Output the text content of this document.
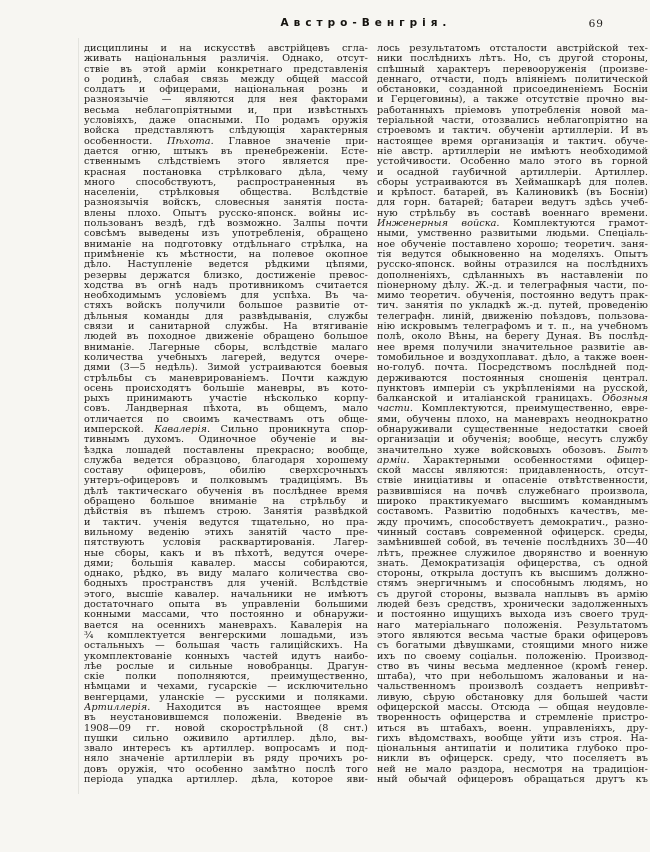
Австро-Венгрія.	69
дисциплины и на искусствѣ австрійцевъ сгла-
живать національныя различія. Однако, отсут-
ствіе въ этой арміи конкретнаго представленія
о родинѣ, слабая связь между общей массой
солдатъ и офицерами, національная рознь и
разноязычіе — являются для нея факторами
весьма неблагопріятными и, при извѣстныхъ
условіяхъ, даже опасными. По родамъ оружія
войска представляютъ слѣдующія характерныя
особенности. Пѣхота. Главное значеніе при-
дается огню, штыкъ въ пренебреженіи. Есте-
ственнымъ слѣдствіемъ этого является пре-
красная постановка стрѣлковаго дѣла, чему
много способствуютъ, распространенныя въ
населеніи, стрѣлковыя общества. Вслѣдствіе
разноязычія войскъ, словесныя занятія поста-
влены плохо. Опытъ русско-японск. войны ис-
пользованъ вездѣ, гдѣ возможно. Залпы почти
совсѣмъ выведены изъ употребленія, обращено
вниманіе на подготовку отдѣльнаго стрѣлка, на
примѣненіе къ мѣстности, на полевое окопное
дѣло. Наступленіе ведется рѣдкими цѣпями,
резервы держатся близко, достиженіе превос-
ходства въ огнѣ надъ противникомъ считается
необходимымъ условіемъ для успѣха. Въ ча-
стяхъ войскъ получили большое развитіе от-
дѣльныя команды для развѣдыванія, службы
связи и санитарной службы. На втягиваніе
людей въ походное движеніе обращено большое
вниманіе. Лагерные сборы, вслѣдствіе малаго
количества учебныхъ лагерей, ведутся очере-
дями (3—5 недѣль). Зимой устраиваются боевыя
стрѣльбы съ маневрированіемъ. Почти каждую
осень происходятъ большіе маневры, въ кото-
рыхъ принимаютъ участіе нѣсколько корпу-
совъ. Ландверная пѣхота, въ общемъ, мало
отличается по своимъ качествамъ отъ обще-
имперской. Кавалерія. Сильно проникнута спор-
тивнымъ духомъ. Одиночное обученіе и вы-
ѣздка лошадей поставлены прекрасно; вообще,
служба ведется образцово, благодаря хорошему
составу офицеровъ, обилію сверхсрочныхъ
унтеръ-офицеровъ и полковымъ традиціямъ. Въ
дѣлѣ тактическаго обученія въ послѣднее время
обращено большое вниманіе на стрѣльбу и
дѣйствія въ пѣшемъ строю. Занятія развѣдкой
и тактич. ученія ведутся тщательно, но пра-
вильному веденію этихъ занятій часто пре-
пятствуютъ условія расквартированія. Лагер-
ные сборы, какъ и въ пѣхотѣ, ведутся очере-
дями; большія кавалер. массы собираются,
однако, рѣдко, въ виду малаго количества сво-
бодныхъ пространствъ для ученій. Вслѣдствіе
этого, высшіе кавалер. начальники не имѣютъ
достаточнаго опыта въ управленіи большими
конными массами, что постоянно и обнаружи-
вается на осеннихъ маневрахъ. Кавалерія на
¾ комплектуется венгерскими лошадьми, изъ
остальныхъ — большая часть галиційскихъ. На
укомплектованіе конныхъ частей идутъ наибо-
лѣе рослые и сильные новобранцы. Драгун-
скіе полки пополняются, преимущественно,
нѣмцами и чехами, гусарскіе — исключительно
венгерцами, уланскіе — русскими и поляками.
Артиллерія. Находится въ настоящее время
въ неустановившемся положеніи. Введеніе въ
1908—09 гг. новой скорострѣльной (8 снт.)
пушки сильно оживило артиллер. дѣло, вы-
звало интересъ къ артиллер. вопросамъ и под-
няло значеніе артиллеріи въ ряду прочихъ ро-
довъ оружія, что особенно замѣтно послѣ того
періода упадка артиллер. дѣла, которое яви-
лось результатомъ отсталости австрійской тех-
ники послѣднихъ лѣтъ. Но, съ другой стороны,
спѣшный характеръ перевооруженія (произве-
деннаго, отчасти, подъ вліяніемъ политической
обстановки, созданной присоединеніемъ Босніи
и Герцеговины), а также отсутствіе прочно вы-
работанныхъ пріемовъ употребленія новой ма-
теріальной части, отозвались неблагопріятно на
строевомъ и тактич. обученіи артиллеріи. И въ
настоящее время организація и тактич. обуче-
ніе австр. артиллеріи не имѣютъ необходимой
устойчивости. Особенно мало этого въ горной
и осадной гаубичной артиллеріи. Артиллер.
сборы устраиваются въ Хеймашкарѣ для полев.
и крѣпост. батарей, въ Калиновикѣ (въ Босніи)
для горн. батарей; батареи ведутъ здѣсь учеб-
ную стрѣльбу въ составѣ военнаго времени.
Инженерныя войска. Комплектуются грамот-
ными, умственно развитыми людьми. Спеціаль-
ное обученіе поставлено хорошо; теоретич. заня-
тія ведутся обыкновенно на моделяхъ. Опытъ
русско-японск. войны отразился на послѣднихъ
дополненіяхъ, сдѣланныхъ въ наставленіи по
піонерному дѣлу. Ж.-д. и телеграфныя части, по-
мимо теоретич. обученія, постоянно ведутъ прак-
тич. занятія по укладкѣ ж.-д. путей, проведенію
телеграфн. линій, движенію поѣздовъ, пользова-
нію искровымъ телеграфомъ и т. п., на учебномъ
полѣ, около Вѣны, на берегу Дуная. Въ послѣд-
нее время получили значительное развитіе ав-
томобильное и воздухоплават. дѣло, а также воен-
но-голуб. почта. Посредствомъ послѣдней под-
держиваются постоянныя сношенія централ.
пунктовъ имперіи съ укрѣпленіями на русской,
балканской и италіанской границахъ. Обозныя
части. Комплектуются, преимущественно, евре-
ями, обучены плохо, на маневрахъ неоднократно
обнаруживали существенные недостатки своей
организаціи и обученія; вообще, несутъ службу
значительно хуже войсковыхъ обозовъ. Бытъ
арміи. Характерными особенностями офицер-
ской массы являются: придавленность, отсут-
ствіе иниціативы и опасеніе отвѣтственности,
развившіяся на почвѣ служебнаго произвола,
широко практикуемаго высшимъ команднымъ
составомъ. Развитію подобныхъ качествъ, ме-
жду прочимъ, способствуетъ демократич., разно-
чинный составъ современной офицерск. среды,
замѣнившей собой, въ теченіе послѣднихъ 30—40
лѣтъ, прежнее служилое дворянство и военную
знать. Демократизація офицерства, съ одной
стороны, открыла доступъ къ высшимъ должно-
стямъ энергичнымъ и способнымъ людямъ, но
съ другой стороны, вызвала наплывъ въ армію
людей безъ средствъ, хронически задолженныхъ
и постоянно ищущихъ выхода изъ своего труд-
наго матеріальнаго положенія. Результатомъ
этого являются весьма частые браки офицеровъ
съ богатыми дѣвушками, стоящими много ниже
ихъ по своему соціальн. положенію. Производ-
ство въ чины весьма медленное (кромѣ генер.
штаба), что при небольшомъ жалованьи и на-
чальственномъ произволѣ создаетъ непривѣт-
ливую, сѣрую обстановку для большей части
офицерской массы. Отсюда — общая неудовле-
творенность офицерства и стремленіе пристро-
иться въ штабахъ, военн. управленіяхъ, дру-
гихъ вѣдомствахъ, вообще уйти изъ строя. На-
ціональныя антипатіи и политика глубоко про-
никли въ офицерск. среду, что поселяетъ въ
ней не мало раздора, несмотря на традиціон-
ный обычай офицеровъ обращаться другъ къ
